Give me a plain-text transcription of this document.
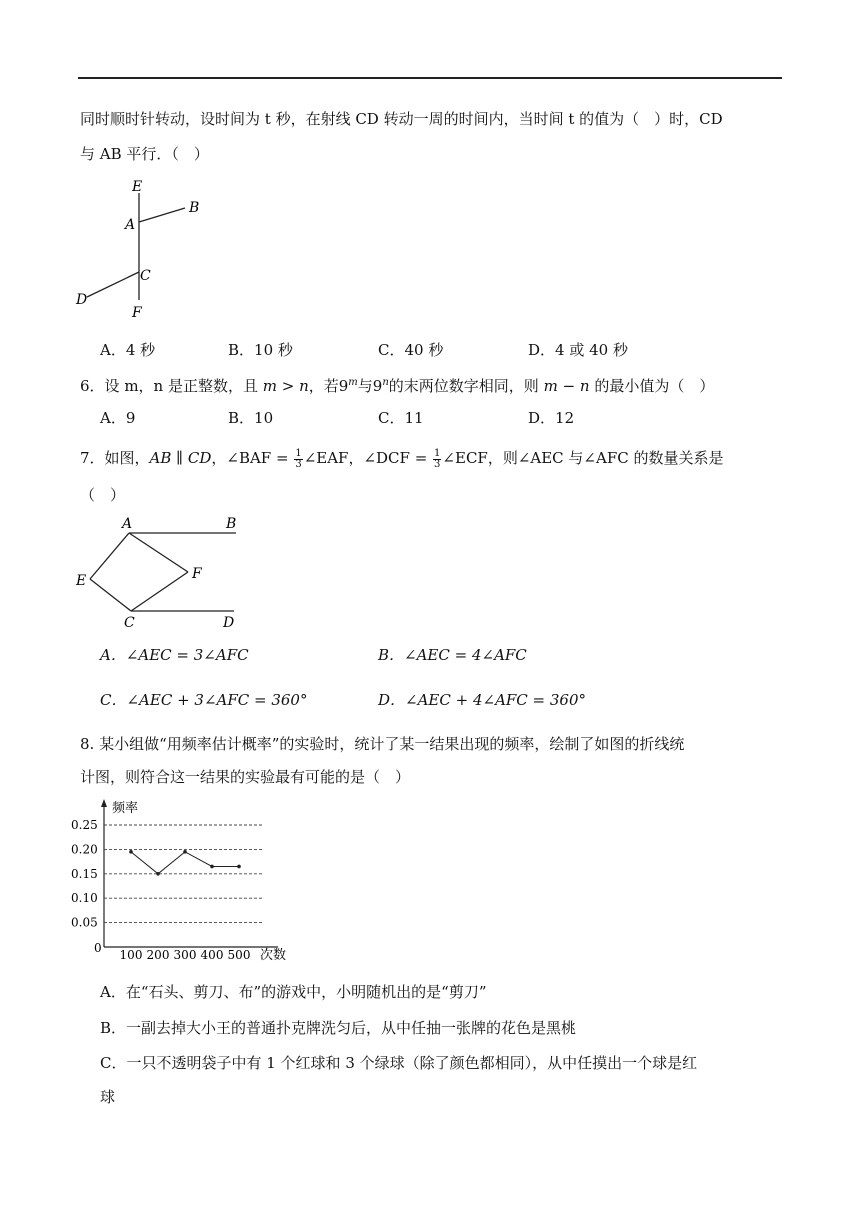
同时顺时针转动，设时间为 t 秒，在射线 CD 转动一周的时间内，当时间 t 的值为（　）时，CD
与 AB 平行．（　）
E
A
B
C
D
F
A．4 秒	B．10 秒	C．40 秒	D．4 或 40 秒
6．设 m，n 是正整数，且 m > n，若9$^m$与9$^n$的末两位数字相同，则 m − n 的最小值为（　）
A．9	B．10	C．11	D．12
7．如图，AB ∥ CD，∠BAF = $\frac{1}{3}$ ∠EAF，∠DCF = $\frac{1}{3}$ ∠ECF，则∠AEC 与∠AFC 的数量关系是
（　）
A	B
E	F
C	D
A．∠AEC = 3∠AFC	B．∠AEC = 4∠AFC
C．∠AEC + 3∠AFC = 360°	D．∠AEC + 4∠AFC = 360°
8. 某小组做“用频率估计概率”的实验时，统计了某一结果出现的频率，绘制了如图的折线统
计图，则符合这一结果的实验最有可能的是（　）
频率
次数
0
0.05
0.10
0.15
0.20
0.25
100 200 300 400 500
A．在“石头、剪刀、布”的游戏中，小明随机出的是“剪刀”
B．一副去掉大小王的普通扑克牌洗匀后，从中任抽一张牌的花色是黑桃
C．一只不透明袋子中有 1 个红球和 3 个绿球（除了颜色都相同），从中任摸出一个球是红
球
